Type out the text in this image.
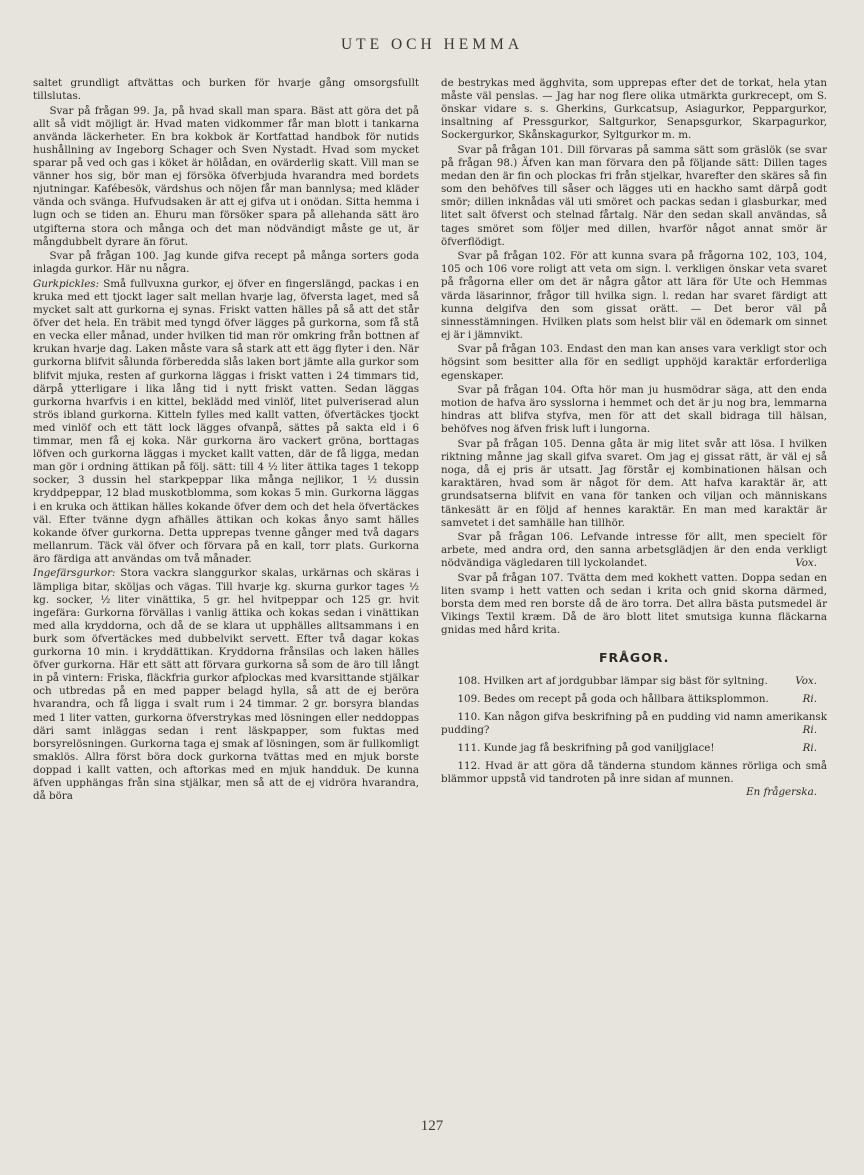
UTE OCH HEMMA

saltet grundligt aftvättas och burken för hvarje gång omsorgsfullt tillslutas.

Svar på frågan 99. Ja, på hvad skall man spara. Bäst att göra det på allt så vidt möjligt är. Hvad maten vidkommer får man blott i tankarna använda läckerheter. En bra kokbok är Kortfattad handbok för nutids hushållning av Ingeborg Schager och Sven Nystadt. Hvad som mycket sparar på ved och gas i köket är hölådan, en ovärderlig skatt. Vill man se vänner hos sig, bör man ej försöka öfverbjuda hvarandra med bordets njutningar. Kafébesök, värdshus och nöjen får man bannlysa; med kläder vända och svänga. Hufvudsaken är att ej gifva ut i onödan. Sitta hemma i lugn och se tiden an. Ehuru man försöker spara på allehanda sätt äro utgifterna stora och många och det man nödvändigt måste ge ut, är mångdubbelt dyrare än förut.

Svar på frågan 100. Jag kunde gifva recept på många sorters goda inlagda gurkor. Här nu några.

Gurkpickles: Små fullvuxna gurkor, ej öfver en fingerslängd, packas i en kruka med ett tjockt lager salt mellan hvarje lag, öfversta laget, med så mycket salt att gurkorna ej synas. Friskt vatten hälles på så att det står öfver det hela. En träbit med tyngd öfver lägges på gurkorna, som få stå en vecka eller månad, under hvilken tid man rör omkring från bottnen af krukan hvarje dag. Laken måste vara så stark att ett ägg flyter i den. När gurkorna blifvit sålunda förberedda slås laken bort jämte alla gurkor som blifvit mjuka, resten af gurkorna läggas i friskt vatten i 24 timmars tid, därpå ytterligare i lika lång tid i nytt friskt vatten. Sedan läggas gurkorna hvarfvis i en kittel, beklädd med vinlöf, litet pulveriserad alun strös ibland gurkorna. Kitteln fylles med kallt vatten, öfvertäckes tjockt med vinlöf och ett tätt lock lägges ofvanpå, sättes på sakta eld i 6 timmar, men få ej koka. När gurkorna äro vackert gröna, borttagas löfven och gurkorna läggas i mycket kallt vatten, där de få ligga, medan man gör i ordning ättikan på följ. sätt: till 4 ½ liter ättika tages 1 tekopp socker, 3 dussin hel starkpeppar lika många nejlikor, 1 ½ dussin kryddpeppar, 12 blad muskotblomma, som kokas 5 min. Gurkorna läggas i en kruka och ättikan hälles kokande öfver dem och det hela öfvertäckes väl. Efter tvänne dygn afhälles ättikan och kokas ånyo samt hälles kokande öfver gurkorna. Detta upprepas tvenne gånger med två dagars mellanrum. Täck väl öfver och förvara på en kall, torr plats. Gurkorna äro färdiga att användas om två månader.

Ingefärsgurkor: Stora vackra slanggurkor skalas, urkärnas och skäras i lämpliga bitar, sköljas och vägas. Till hvarje kg. skurna gurkor tages ½ kg. socker, ½ liter vinättika, 5 gr. hel hvitpeppar och 125 gr. hvit ingefära: Gurkorna förvällas i vanlig ättika och kokas sedan i vinättikan med alla kryddorna, och då de se klara ut upphälles alltsammans i en burk som öfvertäckes med dubbelvikt servett. Efter två dagar kokas gurkorna 10 min. i kryddättikan. Kryddorna frånsilas och laken hälles öfver gurkorna. Här ett sätt att förvara gurkorna så som de äro till långt in på vintern: Friska, fläckfria gurkor afplockas med kvarsittande stjälkar och utbredas på en med papper belagd hylla, så att de ej beröra hvarandra, och få ligga i svalt rum i 24 timmar. 2 gr. borsyra blandas med 1 liter vatten, gurkorna öfverstrykas med lösningen eller neddoppas däri samt inläggas sedan i rent läskpapper, som fuktas med borsyrelösningen. Gurkorna taga ej smak af lösningen, som är fullkomligt smaklös. Allra först böra dock gurkorna tvättas med en mjuk borste doppad i kallt vatten, och aftorkas med en mjuk handduk. De kunna äfven upphängas från sina stjälkar, men så att de ej vidröra hvarandra, då böra

de bestrykas med ägghvita, som upprepas efter det de torkat, hela ytan måste väl penslas. — Jag har nog flere olika utmärkta gurkrecept, om S. önskar vidare s. s. Gherkins, Gurkcatsup, Asiagurkor, Peppargurkor, insaltning af Pressgurkor, Saltgurkor, Senapsgurkor, Skarpagurkor, Sockergurkor, Skånskagurkor, Syltgurkor m. m.

Svar på frågan 101. Dill förvaras på samma sätt som gräslök (se svar på frågan 98.) Äfven kan man förvara den på följande sätt: Dillen tages medan den är fin och plockas fri från stjelkar, hvarefter den skäres så fin som den behöfves till såser och lägges uti en hackho samt därpå godt smör; dillen inknådas väl uti smöret och packas sedan i glasburkar, med litet salt öfverst och stelnad fårtalg. När den sedan skall användas, så tages smöret som följer med dillen, hvarför något annat smör är öfverflödigt.

Svar på frågan 102. För att kunna svara på frågorna 102, 103, 104, 105 och 106 vore roligt att veta om sign. l. verkligen önskar veta svaret på frågorna eller om det är några gåtor att lära för Ute och Hemmas värda läsarinnor, frågor till hvilka sign. l. redan har svaret färdigt att kunna delgifva den som gissat orätt. — Det beror väl på sinnesstämningen. Hvilken plats som helst blir väl en ödemark om sinnet ej är i jämnvikt.

Svar på frågan 103. Endast den man kan anses vara verkligt stor och högsint som besitter alla för en sedligt upphöjd karaktär erforderliga egenskaper.

Svar på frågan 104. Ofta hör man ju husmödrar säga, att den enda motion de hafva äro sysslorna i hemmet och det är ju nog bra, lemmarna hindras att blifva styfva, men för att det skall bidraga till hälsan, behöfves nog äfven frisk luft i lungorna.

Svar på frågan 105. Denna gåta är mig litet svår att lösa. I hvilken riktning månne jag skall gifva svaret. Om jag ej gissat rätt, är väl ej så noga, då ej pris är utsatt. Jag förstår ej kombinationen hälsan och karaktären, hvad som är något för dem. Att hafva karaktär är, att grundsatserna blifvit en vana för tanken och viljan och människans tänkesätt är en följd af hennes karaktär. En man med karaktär är samvetet i det samhälle han tillhör.

Svar på frågan 106. Lefvande intresse för allt, men specielt för arbete, med andra ord, den sanna arbetsglädjen är den enda verkligt nödvändiga vägledaren till lyckolandet.	Vox.

Svar på frågan 107. Tvätta dem med kokhett vatten. Doppa sedan en liten svamp i hett vatten och sedan i krita och gnid skorna därmed, borsta dem med ren borste då de äro torra. Det allra bästa putsmedel är Vikings Textil kræm. Då de äro blott litet smutsiga kunna fläckarna gnidas med hård krita.

FRÅGOR.

108. Hvilken art af jordgubbar lämpar sig bäst för syltning.	Vox.

109. Bedes om recept på goda och hållbara ättiksplommon.	Ri.

110. Kan någon gifva beskrifning på en pudding vid namn amerikansk pudding?	Ri.

111. Kunde jag få beskrifning på god vaniljglace!	Ri.

112. Hvad är att göra då tänderna stundom kännes rörliga och små blämmor uppstå vid tandroten på inre sidan af munnen.
En frågerska.

127
